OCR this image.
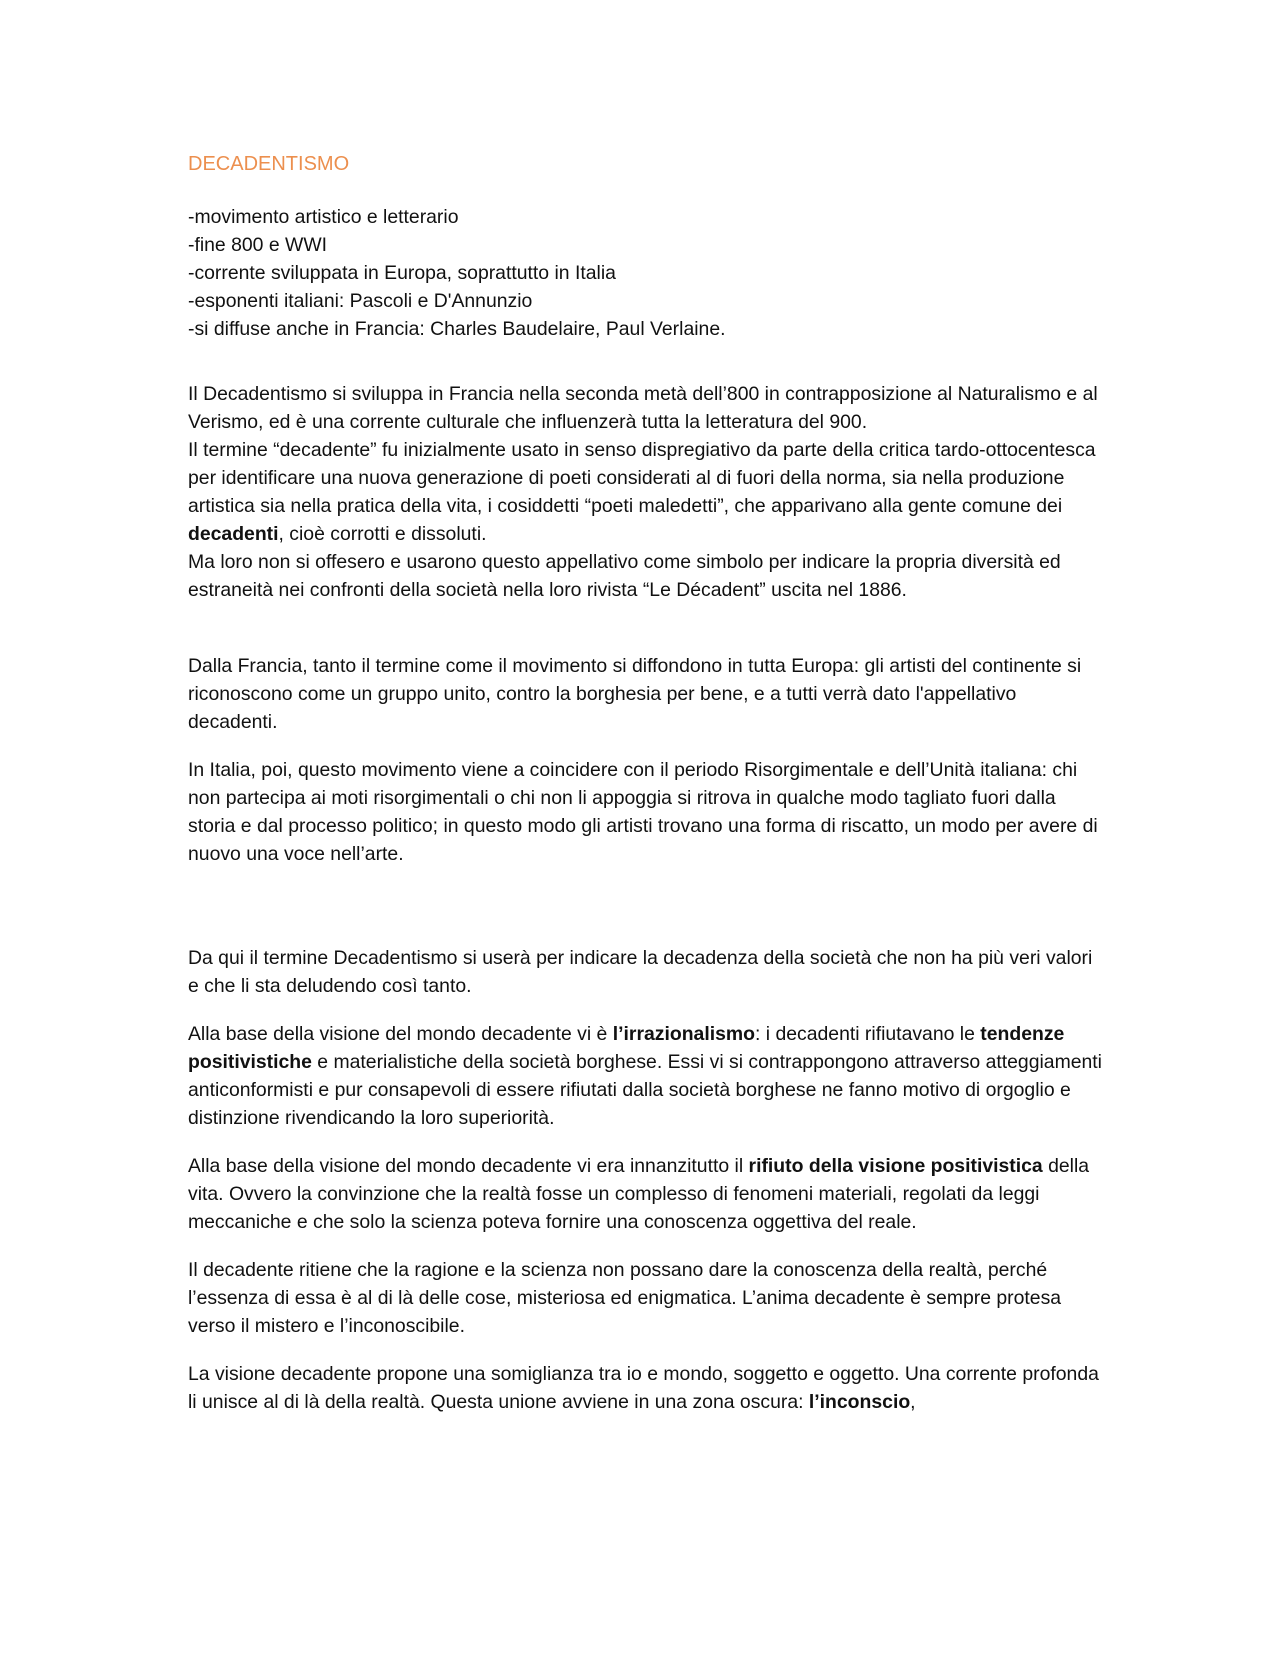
DECADENTISMO
-movimento artistico e letterario
-fine 800 e WWI
-corrente sviluppata in Europa, soprattutto in Italia
-esponenti italiani: Pascoli e D'Annunzio
-si diffuse anche in Francia: Charles Baudelaire, Paul Verlaine.

Il Decadentismo si sviluppa in Francia nella seconda metà dell’800 in contrapposizione al Naturalismo e al Verismo, ed è una corrente culturale che influenzerà tutta la letteratura del 900.
Il termine “decadente” fu inizialmente usato in senso dispregiativo da parte della critica tardo-ottocentesca per identificare una nuova generazione di poeti considerati al di fuori della norma, sia nella produzione artistica sia nella pratica della vita, i cosiddetti “poeti maledetti”, che apparivano alla gente comune dei decadenti, cioè corrotti e dissoluti.
Ma loro non si offesero e usarono questo appellativo come simbolo per indicare la propria diversità ed estraneità nei confronti della società nella loro rivista “Le Décadent” uscita nel 1886.

Dalla Francia, tanto il termine come il movimento si diffondono in tutta Europa: gli artisti del continente si riconoscono come un gruppo unito, contro la borghesia per bene, e a tutti verrà dato l'appellativo decadenti.

In Italia, poi, questo movimento viene a coincidere con il periodo Risorgimentale e dell’Unità italiana: chi non partecipa ai moti risorgimentali o chi non li appoggia si ritrova in qualche modo tagliato fuori dalla storia e dal processo politico; in questo modo gli artisti trovano una forma di riscatto, un modo per avere di nuovo una voce nell’arte.

Da qui il termine Decadentismo si userà per indicare la decadenza della società che non ha più veri valori e che li sta deludendo così tanto.

Alla base della visione del mondo decadente vi è l’irrazionalismo: i decadenti rifiutavano le tendenze positivistiche e materialistiche della società borghese. Essi vi si contrappongono attraverso atteggiamenti anticonformisti e pur consapevoli di essere rifiutati dalla società borghese ne fanno motivo di orgoglio e distinzione rivendicando la loro superiorità.

Alla base della visione del mondo decadente vi era innanzitutto il rifiuto della visione positivistica della vita. Ovvero la convinzione che la realtà fosse un complesso di fenomeni materiali, regolati da leggi meccaniche e che solo la scienza poteva fornire una conoscenza oggettiva del reale.

Il decadente ritiene che la ragione e la scienza non possano dare la conoscenza della realtà, perché l’essenza di essa è al di là delle cose, misteriosa ed enigmatica. L’anima decadente è sempre protesa verso il mistero e l’inconoscibile.

La visione decadente propone una somiglianza tra io e mondo, soggetto e oggetto. Una corrente profonda li unisce al di là della realtà. Questa unione avviene in una zona oscura: l’inconscio,
